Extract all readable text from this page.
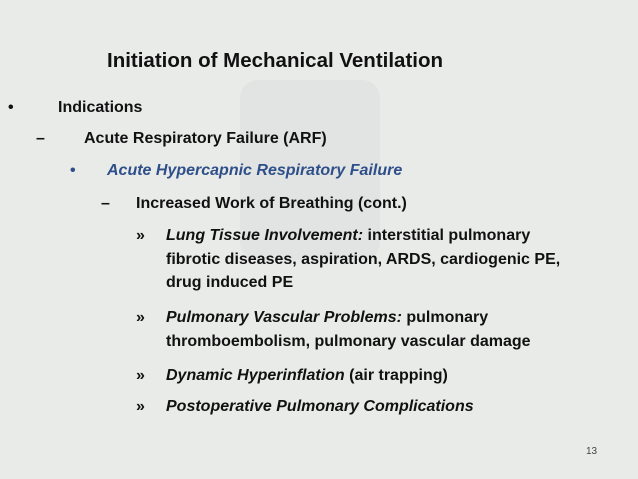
Initiation of Mechanical Ventilation
•	Indications
– Acute Respiratory Failure (ARF)
• Acute Hypercapnic Respiratory Failure
– Increased Work of Breathing (cont.)
» Lung Tissue Involvement: interstitial pulmonary
fibrotic diseases, aspiration, ARDS, cardiogenic PE,
drug induced PE
» Pulmonary Vascular Problems: pulmonary
thromboembolism, pulmonary vascular damage
» Dynamic Hyperinflation (air trapping)
» Postoperative Pulmonary Complications
13
